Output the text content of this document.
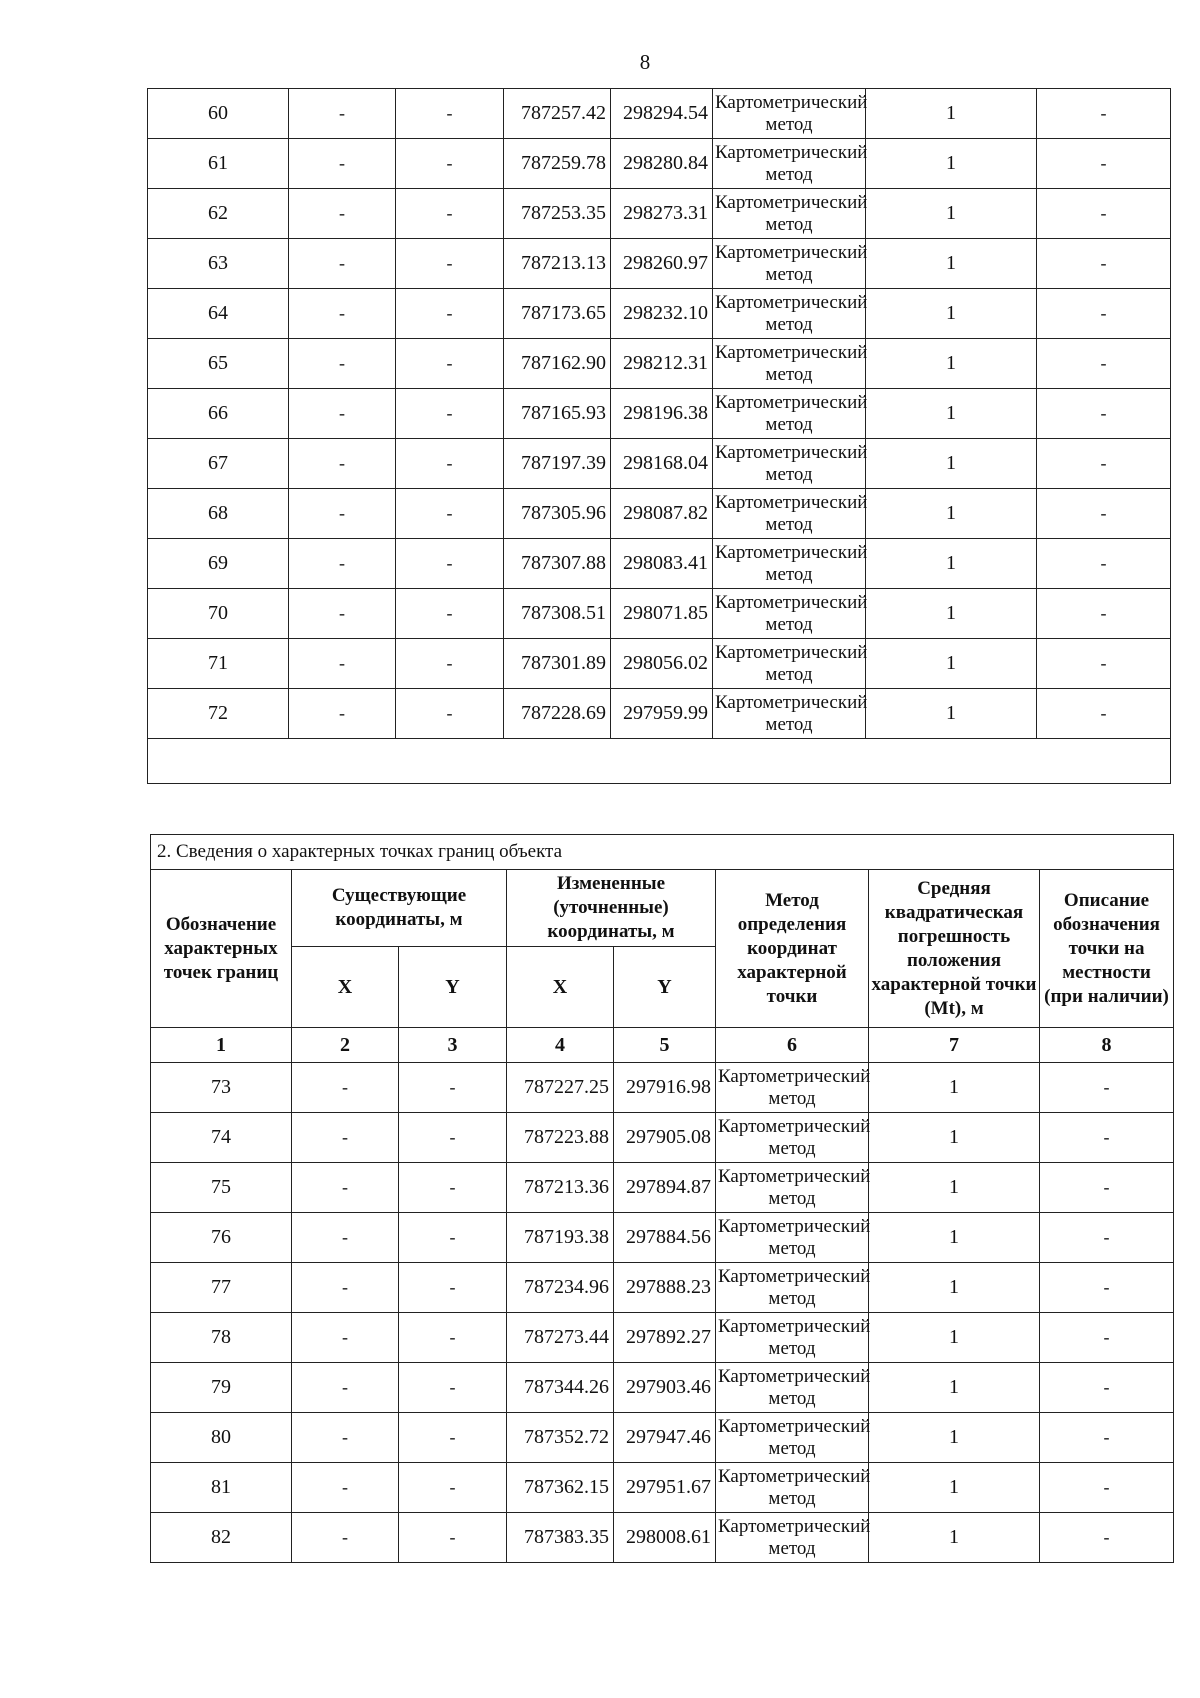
8
60	-	-	787257.42	298294.54	Картометрический метод	1	-
61	-	-	787259.78	298280.84	Картометрический метод	1	-
62	-	-	787253.35	298273.31	Картометрический метод	1	-
63	-	-	787213.13	298260.97	Картометрический метод	1	-
64	-	-	787173.65	298232.10	Картометрический метод	1	-
65	-	-	787162.90	298212.31	Картометрический метод	1	-
66	-	-	787165.93	298196.38	Картометрический метод	1	-
67	-	-	787197.39	298168.04	Картометрический метод	1	-
68	-	-	787305.96	298087.82	Картометрический метод	1	-
69	-	-	787307.88	298083.41	Картометрический метод	1	-
70	-	-	787308.51	298071.85	Картометрический метод	1	-
71	-	-	787301.89	298056.02	Картометрический метод	1	-
72	-	-	787228.69	297959.99	Картометрический метод	1	-

2. Сведения о характерных точках границ объекта							
Обозначение характерных точек границ	Существующие координаты, м		Измененные (уточненные) координаты, м		Метод определения координат характерной точки	Средняя квадратическая погрешность положения характерной точки (Mt), м	Описание обозначения точки на местности (при наличии)
	X	Y	X	Y			
1	2	3	4	5	6	7	8
73	-	-	787227.25	297916.98	Картометрический метод	1	-
74	-	-	787223.88	297905.08	Картометрический метод	1	-
75	-	-	787213.36	297894.87	Картометрический метод	1	-
76	-	-	787193.38	297884.56	Картометрический метод	1	-
77	-	-	787234.96	297888.23	Картометрический метод	1	-
78	-	-	787273.44	297892.27	Картометрический метод	1	-
79	-	-	787344.26	297903.46	Картометрический метод	1	-
80	-	-	787352.72	297947.46	Картометрический метод	1	-
81	-	-	787362.15	297951.67	Картометрический метод	1	-
82	-	-	787383.35	298008.61	Картометрический метод	1	-
